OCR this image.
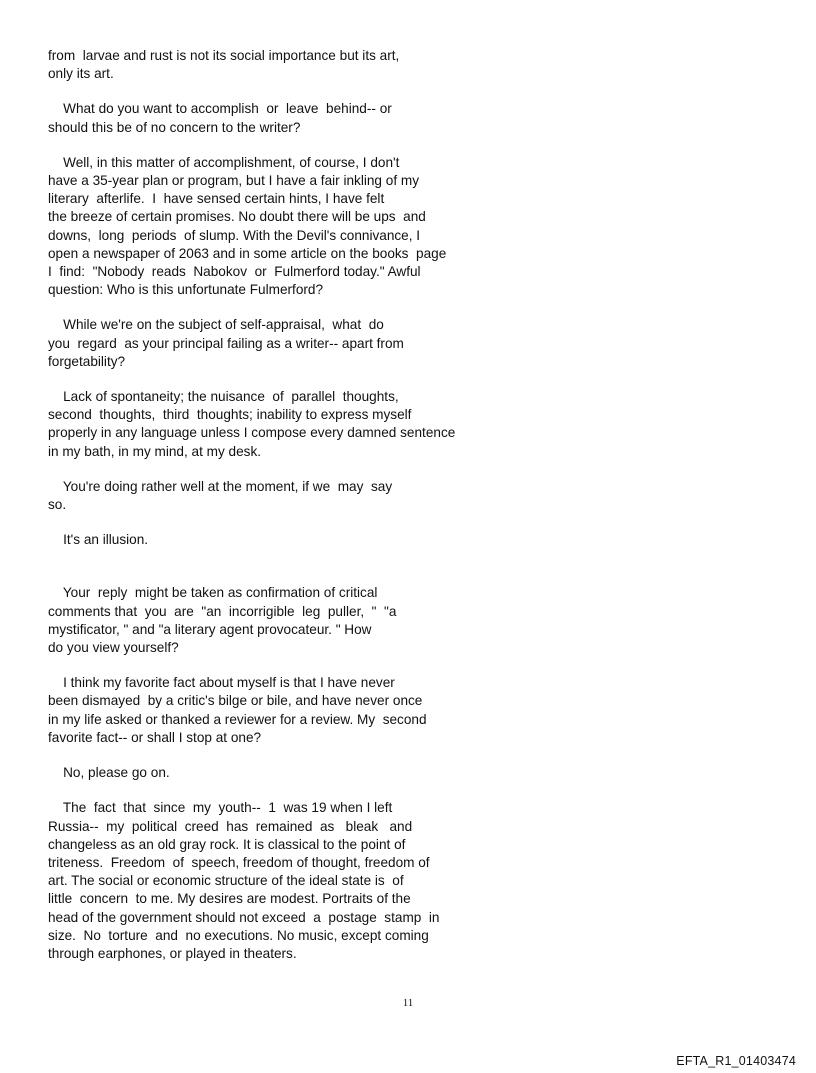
from  larvae and rust is not its social importance but its art,
only its art.
What do you want to accomplish  or  leave  behind-- or
should this be of no concern to the writer?
Well, in this matter of accomplishment, of course, I don't
have a 35-year plan or program, but I have a fair inkling of my
literary  afterlife.  I  have sensed certain hints, I have felt
the breeze of certain promises. No doubt there will be ups  and
downs,  long  periods  of slump. With the Devil's connivance, I
open a newspaper of 2063 and in some article on the books  page
I  find:  "Nobody  reads  Nabokov  or  Fulmerford today." Awful
question: Who is this unfortunate Fulmerford?
While we're on the subject of self-appraisal,  what  do
you  regard  as your principal failing as a writer-- apart from
forgetability?
Lack of spontaneity; the nuisance  of  parallel  thoughts,
second  thoughts,  third  thoughts; inability to express myself
properly in any language unless I compose every damned sentence
in my bath, in my mind, at my desk.
You're doing rather well at the moment, if we  may  say
so.
It's an illusion.
Your  reply  might be taken as confirmation of critical
comments that  you  are  "an  incorrigible  leg  puller,  "  "a
mystificator, " and "a literary agent provocateur. " How
do you view yourself?
I think my favorite fact about myself is that I have never
been dismayed  by a critic's bilge or bile, and have never once
in my life asked or thanked a reviewer for a review. My  second
favorite fact-- or shall I stop at one?
No, please go on.
The  fact  that  since  my  youth--  1  was 19 when I left
Russia--  my  political  creed  has  remained  as   bleak   and
changeless as an old gray rock. It is classical to the point of
triteness.  Freedom  of  speech, freedom of thought, freedom of
art. The social or economic structure of the ideal state is  of
little  concern  to me. My desires are modest. Portraits of the
head of the government should not exceed  a  postage  stamp  in
size.  No  torture  and  no executions. No music, except coming
through earphones, or played in theaters.
11
EFTA_R1_01403474
